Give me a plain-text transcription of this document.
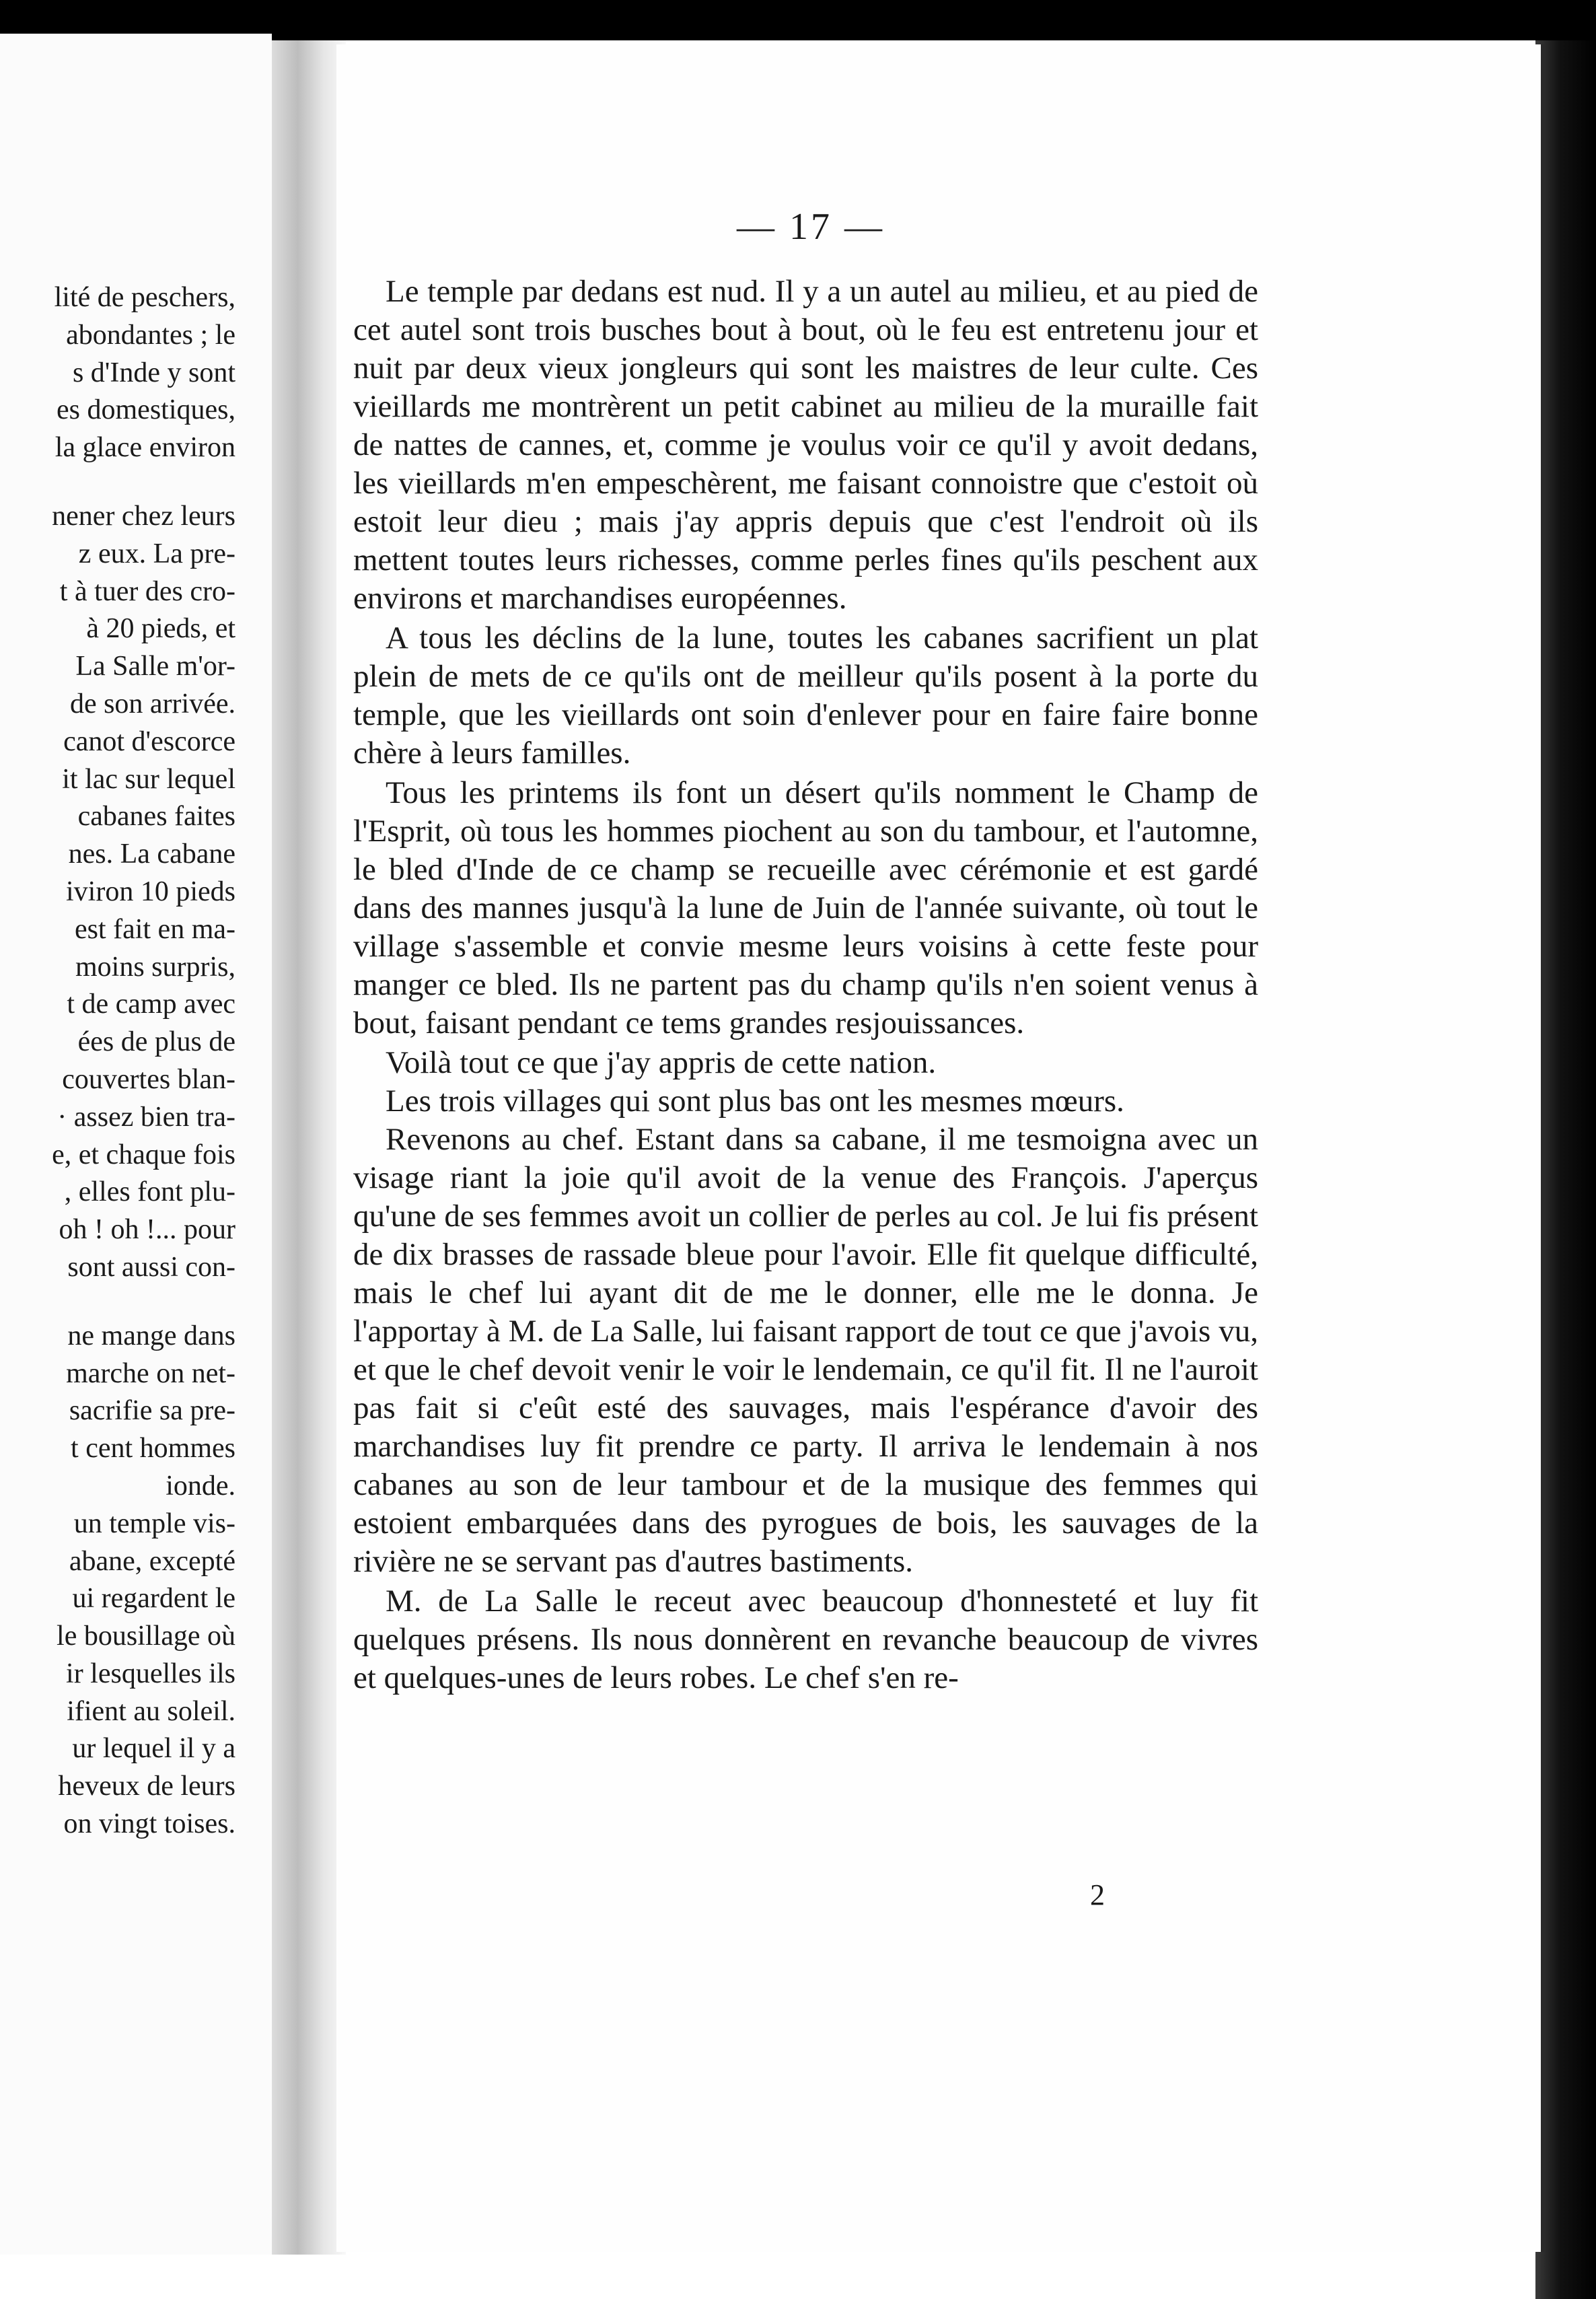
lité de peschers,
abondantes ; le
s d'Inde y sont
es domestiques,
la glace environ
nener chez leurs
z eux. La pre-
t à tuer des cro-
à 20 pieds, et
La Salle m'or-
de son arrivée.
canot d'escorce
it lac sur lequel
cabanes faites
nes. La cabane
iviron 10 pieds
est fait en ma-
moins surpris,
t de camp avec
ées de plus de
couvertes blan-
· assez bien tra-
e, et chaque fois
, elles font plu-
oh ! oh !... pour
sont aussi con-
ne mange dans
marche on net-
sacrifie sa pre-
t cent hommes
ionde.
un temple vis-
abane, excepté
ui regardent le
le bousillage où
ir lesquelles ils
ifient au soleil.
ur lequel il y a
heveux de leurs
on vingt toises.
— 17 —

Le temple par dedans est nud. Il y a un autel au milieu, et au pied de cet autel sont trois busches bout à bout, où le feu est entretenu jour et nuit par deux vieux jongleurs qui sont les maistres de leur culte. Ces vieillards me montrèrent un petit cabinet au milieu de la muraille fait de nattes de cannes, et, comme je voulus voir ce qu'il y avoit dedans, les vieillards m'en empeschèrent, me faisant connoistre que c'estoit où estoit leur dieu ; mais j'ay appris depuis que c'est l'endroit où ils mettent toutes leurs richesses, comme perles fines qu'ils peschent aux environs et marchandises européennes.

A tous les déclins de la lune, toutes les cabanes sacrifient un plat plein de mets de ce qu'ils ont de meilleur qu'ils posent à la porte du temple, que les vieillards ont soin d'enlever pour en faire faire bonne chère à leurs familles.

Tous les printems ils font un désert qu'ils nomment le Champ de l'Esprit, où tous les hommes piochent au son du tambour, et l'automne, le bled d'Inde de ce champ se recueille avec cérémonie et est gardé dans des mannes jusqu'à la lune de Juin de l'année suivante, où tout le village s'assemble et convie mesme leurs voisins à cette feste pour manger ce bled. Ils ne partent pas du champ qu'ils n'en soient venus à bout, faisant pendant ce tems grandes resjouissances.

Voilà tout ce que j'ay appris de cette nation.

Les trois villages qui sont plus bas ont les mesmes mœurs.

Revenons au chef. Estant dans sa cabane, il me tesmoigna avec un visage riant la joie qu'il avoit de la venue des François. J'aperçus qu'une de ses femmes avoit un collier de perles au col. Je lui fis présent de dix brasses de rassade bleue pour l'avoir. Elle fit quelque difficulté, mais le chef lui ayant dit de me le donner, elle me le donna. Je l'apportay à M. de La Salle, lui faisant rapport de tout ce que j'avois vu, et que le chef devoit venir le voir le lendemain, ce qu'il fit. Il ne l'auroit pas fait si c'eût esté des sauvages, mais l'espérance d'avoir des marchandises luy fit prendre ce party. Il arriva le lendemain à nos cabanes au son de leur tambour et de la musique des femmes qui estoient embarquées dans des pyrogues de bois, les sauvages de la rivière ne se servant pas d'autres bastiments.

M. de La Salle le receut avec beaucoup d'honnesteté et luy fit quelques présens. Ils nous donnèrent en revanche beaucoup de vivres et quelques-unes de leurs robes. Le chef s'en re-

2
